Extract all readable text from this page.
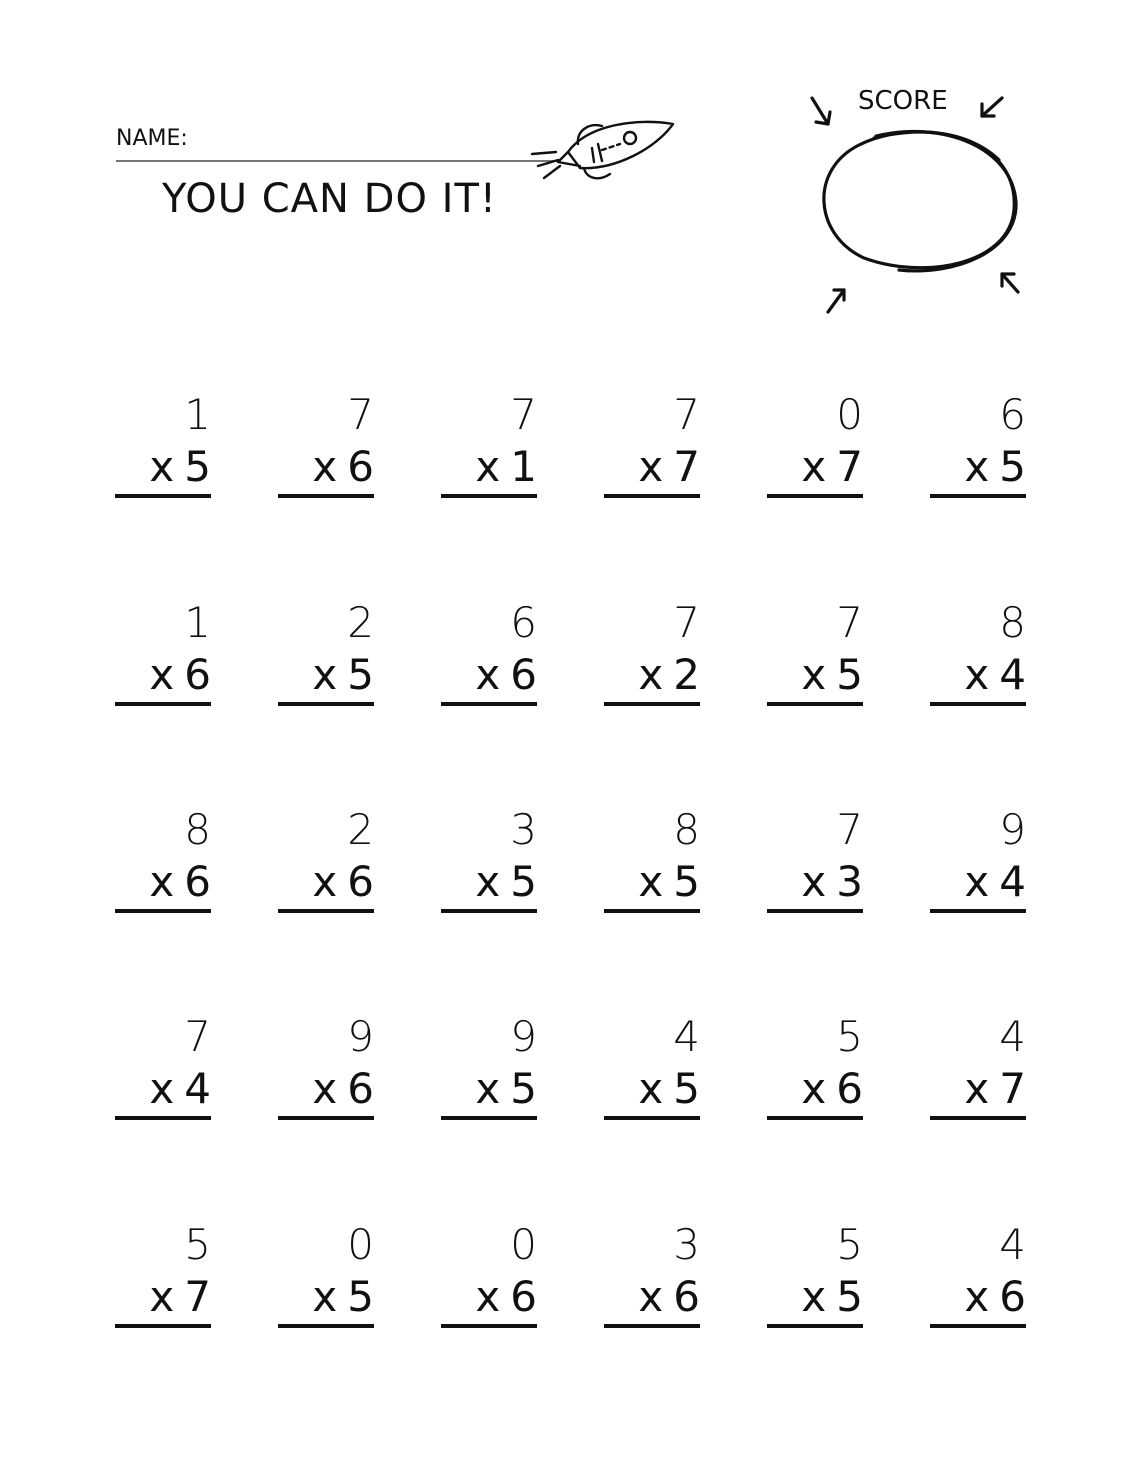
NAME:
YOU CAN DO IT!
SCORE
1
x 5
7
x 6
7
x 1
7
x 7
0
x 7
6
x 5
1
x 6
2
x 5
6
x 6
7
x 2
7
x 5
8
x 4
8
x 6
2
x 6
3
x 5
8
x 5
7
x 3
9
x 4
7
x 4
9
x 6
9
x 5
4
x 5
5
x 6
4
x 7
5
x 7
0
x 5
0
x 6
3
x 6
5
x 5
4
x 6
